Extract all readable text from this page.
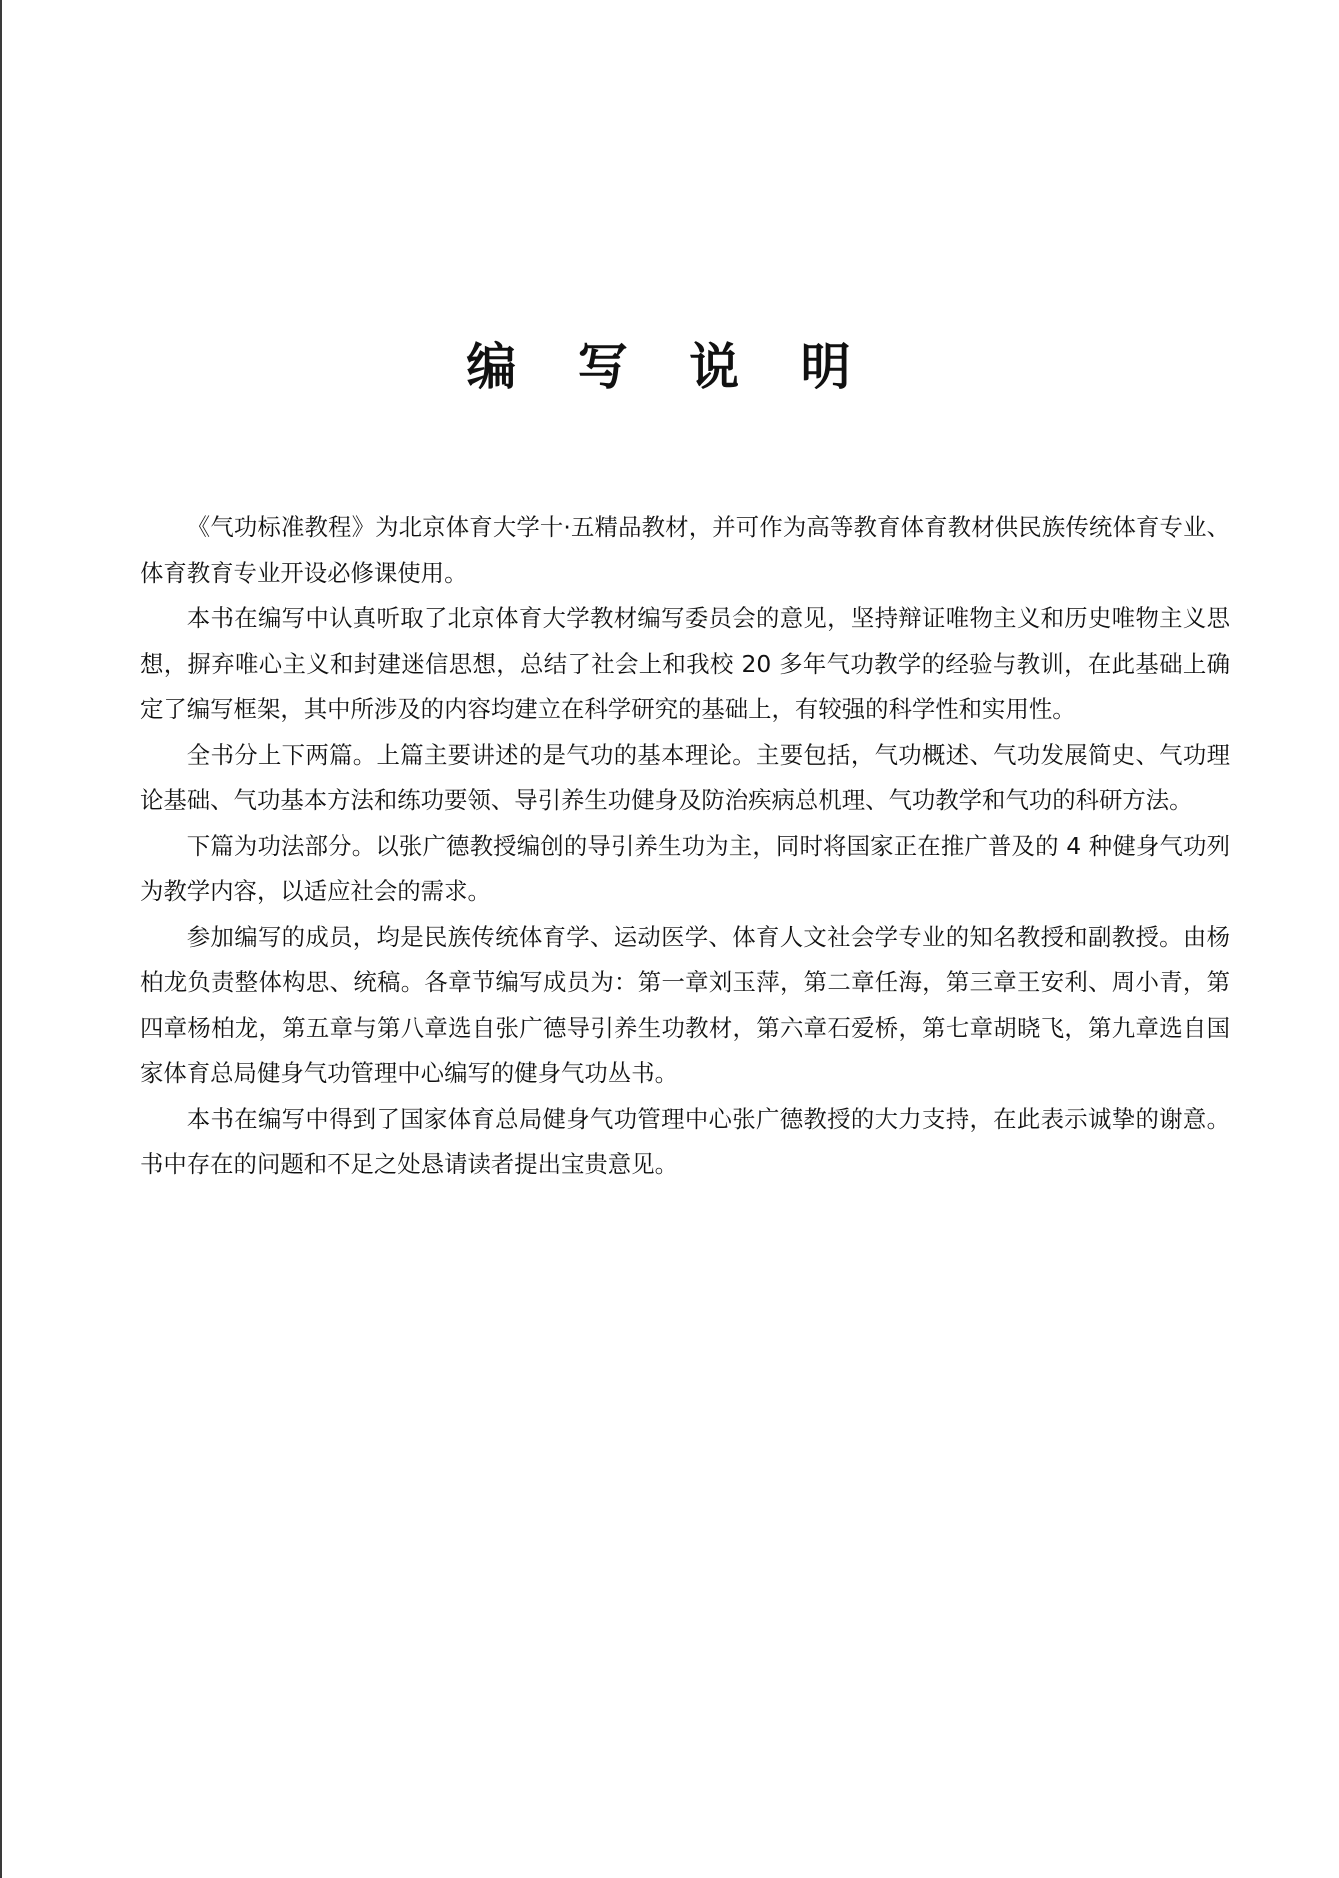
编 写 说 明

《气功标准教程》为北京体育大学十·五精品教材，并可作为高等教育体育教材供民族传统体育专业、体育教育专业开设必修课使用。

本书在编写中认真听取了北京体育大学教材编写委员会的意见，坚持辩证唯物主义和历史唯物主义思想，摒弃唯心主义和封建迷信思想，总结了社会上和我校 20 多年气功教学的经验与教训，在此基础上确定了编写框架，其中所涉及的内容均建立在科学研究的基础上，有较强的科学性和实用性。

全书分上下两篇。上篇主要讲述的是气功的基本理论。主要包括，气功概述、气功发展简史、气功理论基础、气功基本方法和练功要领、导引养生功健身及防治疾病总机理、气功教学和气功的科研方法。

下篇为功法部分。以张广德教授编创的导引养生功为主，同时将国家正在推广普及的 4 种健身气功列为教学内容，以适应社会的需求。

参加编写的成员，均是民族传统体育学、运动医学、体育人文社会学专业的知名教授和副教授。由杨柏龙负责整体构思、统稿。各章节编写成员为：第一章刘玉萍，第二章任海，第三章王安利、周小青，第四章杨柏龙，第五章与第八章选自张广德导引养生功教材，第六章石爱桥，第七章胡晓飞，第九章选自国家体育总局健身气功管理中心编写的健身气功丛书。

本书在编写中得到了国家体育总局健身气功管理中心张广德教授的大力支持，在此表示诚挚的谢意。书中存在的问题和不足之处恳请读者提出宝贵意见。
